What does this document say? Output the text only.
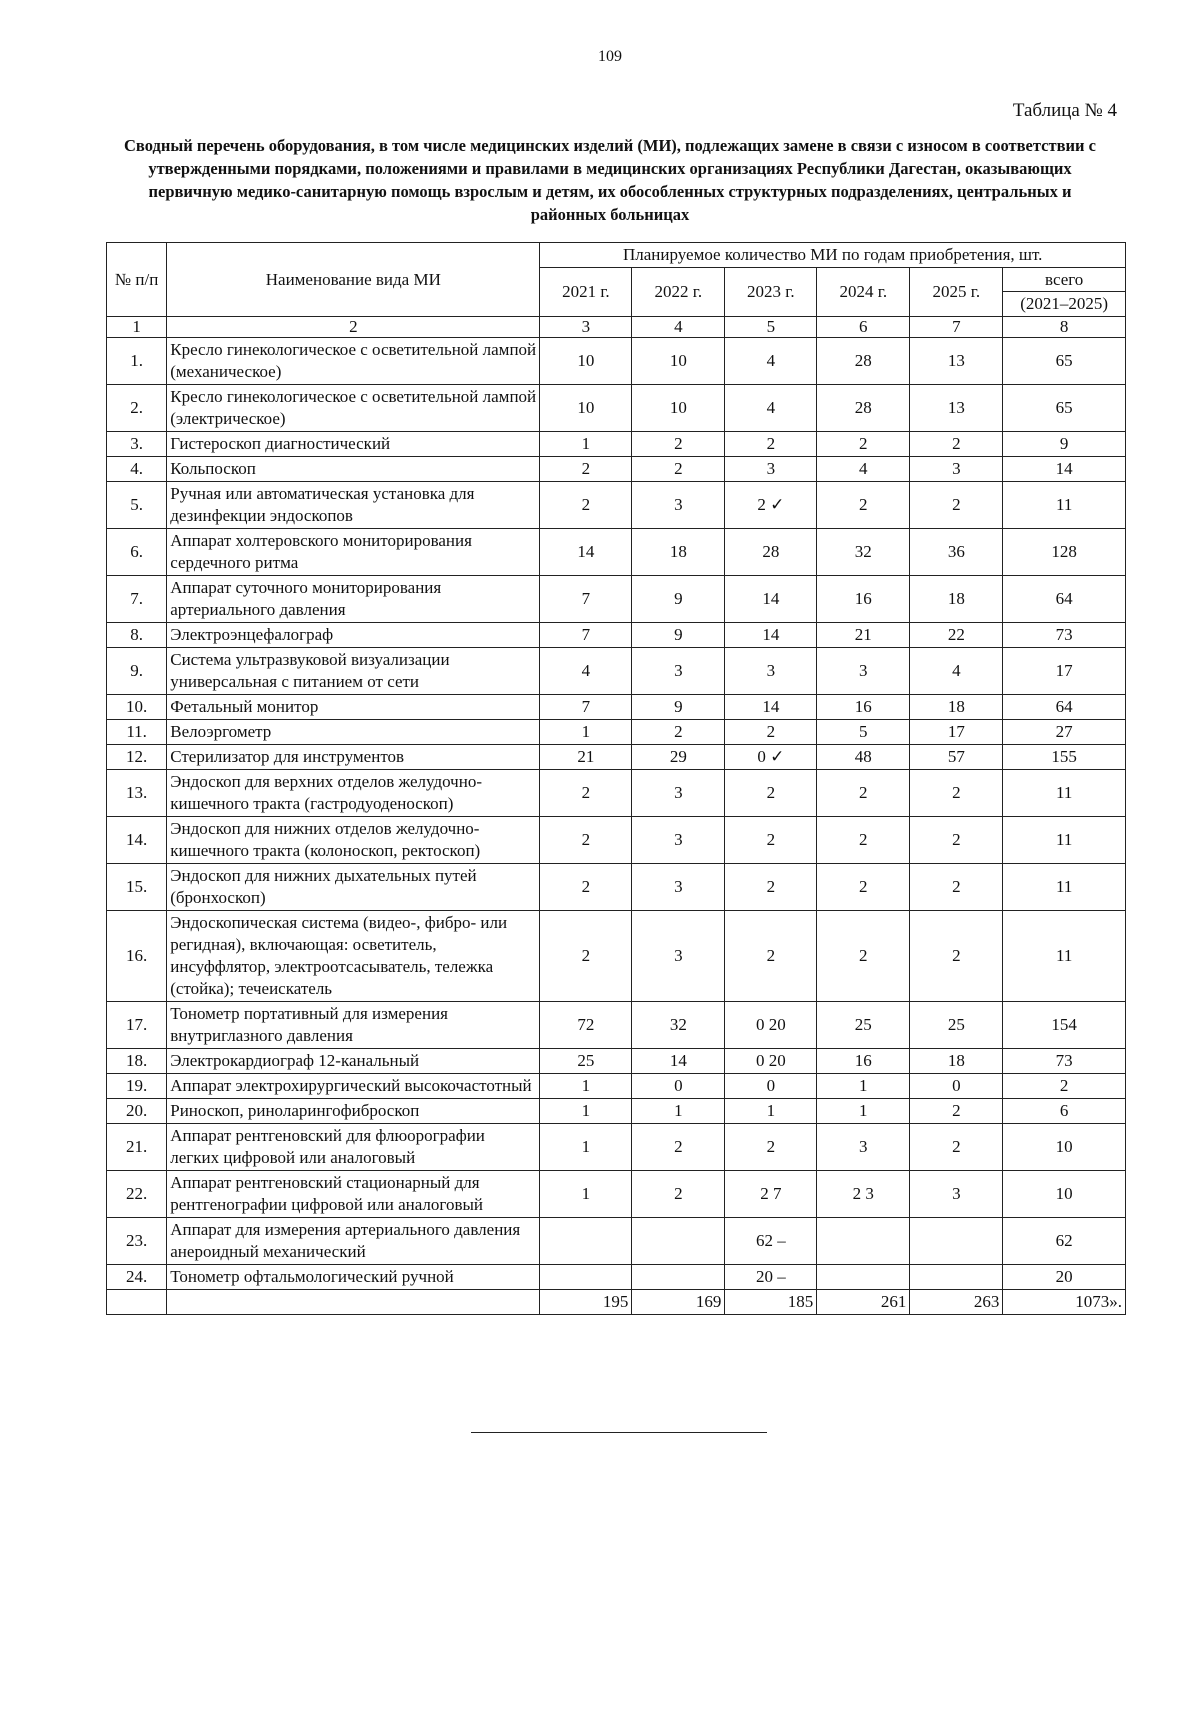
109
Таблица № 4
Сводный перечень оборудования, в том числе медицинских изделий (МИ), подлежащих замене в связи с износом в соответствии с утвержденными порядками, положениями и правилами в медицинских организациях Республики Дагестан, оказывающих первичную медико-санитарную помощь взрослым и детям, их обособленных структурных подразделениях, центральных и районных больницах
№ п/п	Наименование вида МИ	Планируемое количество МИ по годам приобретения, шт.					
		2021 г.	2022 г.	2023 г.	2024 г.	2025 г.	всего
(2021–2025)

1	2	3	4	5	6	7	8
1.	Кресло гинекологическое с осветительной лампой (механическое)	10	10	4	28	13	65
2.	Кресло гинекологическое с осветительной лампой (электрическое)	10	10	4	28	13	65
3.	Гистероскоп диагностический	1	2	2	2	2	9
4.	Кольпоскоп	2	2	3	4	3	14
5.	Ручная или автоматическая установка для дезинфекции эндоскопов	2	3	2 ✓	2	2	11
6.	Аппарат холтеровского мониторирования сердечного ритма	14	18	28	32	36	128
7.	Аппарат суточного мониторирования артериального давления	7	9	14	16	18	64
8.	Электроэнцефалограф	7	9	14	21	22	73
9.	Система ультразвуковой визуализации универсальная с питанием от сети	4	3	3	3	4	17
10.	Фетальный монитор	7	9	14	16	18	64
11.	Велоэргометр	1	2	2	5	17	27
12.	Стерилизатор для инструментов	21	29	0 ✓	48	57	155
13.	Эндоскоп для верхних отделов желудочно-кишечного тракта (гастродуоденоскоп)	2	3	2	2	2	11
14.	Эндоскоп для нижних отделов желудочно-кишечного тракта (колоноскоп, ректоскоп)	2	3	2	2	2	11
15.	Эндоскоп для нижних дыхательных путей (бронхоскоп)	2	3	2	2	2	11
16.	Эндоскопическая система (видео-, фибро- или регидная), включающая: осветитель, инсуффлятор, электроотсасыватель, тележка (стойка); течеискатель	2	3	2	2	2	11
17.	Тонометр портативный для измерения внутриглазного давления	72	32	0 20	25	25	154
18.	Электрокардиограф 12-канальный	25	14	0 20	16	18	73
19.	Аппарат электрохирургический высокочастотный	1	0	0	1	0	2
20.	Риноскоп, риноларингофиброскоп	1	1	1	1	2	6
21.	Аппарат рентгеновский для флюорографии легких цифровой или аналоговый	1	2	2	3	2	10
22.	Аппарат рентгеновский стационарный для рентгенографии цифровой или аналоговый	1	2	2 7	2 3	3	10
23.	Аппарат для измерения артериального давления анероидный механический			62 –			62
24.	Тонометр офтальмологический ручной			20 –			20
		195	169	185	261	263	1073».
